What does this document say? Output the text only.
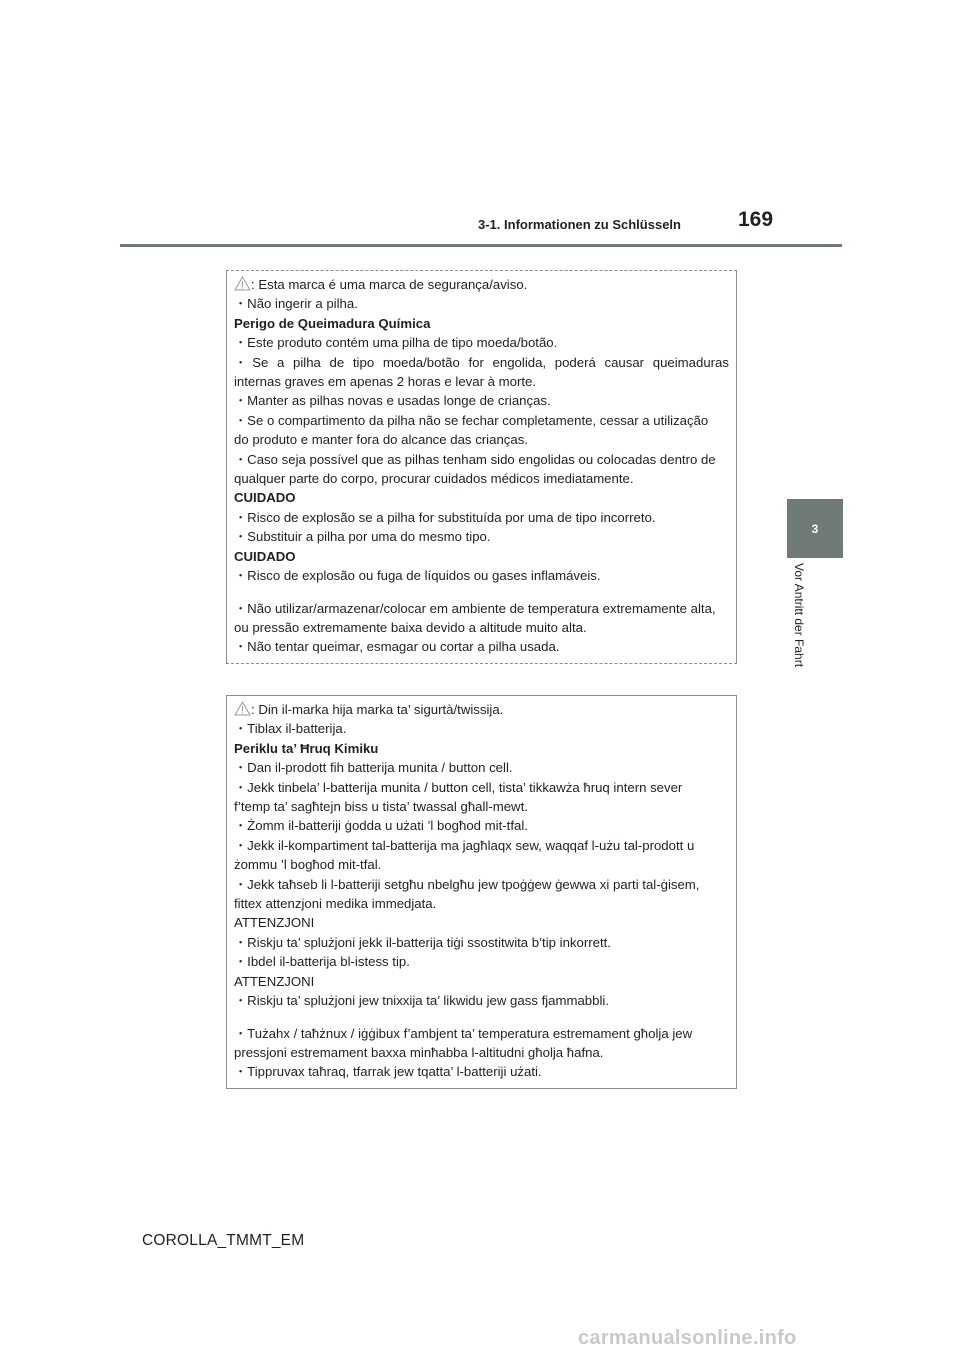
3-1. Informationen zu Schlüsseln	169
3
Vor Antritt der Fahrt

: Esta marca é uma marca de segurança/aviso.

・Não ingerir a pilha.

Perigo de Queimadura Química

・Este produto contém uma pilha de tipo moeda/botão.

・Se a pilha de tipo moeda/botão for engolida, poderá causar queimaduras

internas graves em apenas 2 horas e levar à morte.

・Manter as pilhas novas e usadas longe de crianças.

・Se o compartimento da pilha não se fechar completamente, cessar a utilização

do produto e manter fora do alcance das crianças.

・Caso seja possível que as pilhas tenham sido engolidas ou colocadas dentro de

qualquer parte do corpo, procurar cuidados médicos imediatamente.

CUIDADO

・Risco de explosão se a pilha for substituída por uma de tipo incorreto.

・Substituir a pilha por uma do mesmo tipo.

CUIDADO

・Risco de explosão ou fuga de líquidos ou gases inflamáveis.

・Não utilizar/armazenar/colocar em ambiente de temperatura extremamente alta,

ou pressão extremamente baixa devido a altitude muito alta.

・Não tentar queimar, esmagar ou cortar a pilha usada.

: Din il-marka hija marka ta’ sigurtà/twissija.

・Tiblax il-batterija.

Periklu ta’ Ħruq Kimiku

・Dan il-prodott fih batterija munita / button cell.

・Jekk tinbela’ l-batterija munita / button cell, tista’ tikkawża ħruq intern sever

f’temp ta’ sagħtejn biss u tista’ twassal għall-mewt.

・Żomm il-batterijі ġodda u użati ’l bogħod mit-tfal.

・Jekk il-kompartiment tal-batterija ma jagħlaqx sew, waqqaf l-użu tal-prodott u

żommu ’l bogħod mit-tfal.

・Jekk taħseb li l-batteriji setgħu nbelgħu jew tpoġġew ġewwa xi parti tal-ġisem,

fittex attenzjoni medika immedjata.

ATTENZJONI

・Riskju ta’ splużjoni jekk il-batterija tiġi ssostitwita b’tip inkorrett.

・Ibdel il-batterija bl-istess tip.

ATTENZJONI

・Riskju ta’ splużjoni jew tnixxija ta’ likwidu jew gass fjammabbli.

・Tużahx / taħżnux / iġġibux f’ambjent ta’ temperatura estremament għolja jew

pressjoni estremament baxxa minħabba l-altitudni għolja ħafna.

・Tippruvax taħraq, tfarrak jew tqatta’ l-batteriji użati.

COROLLA_TMMT_EM
carmanualsonline.info
